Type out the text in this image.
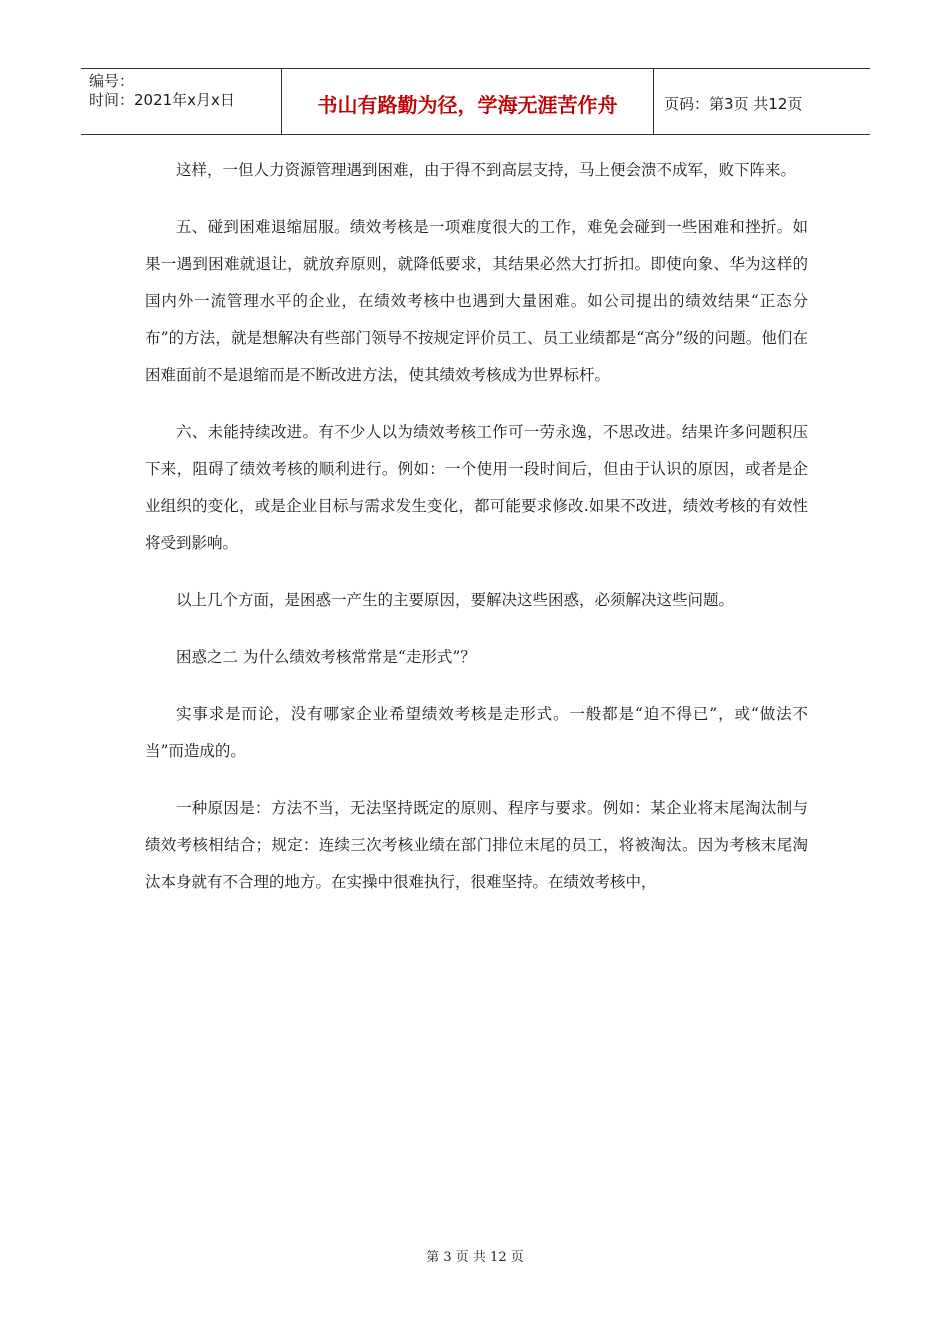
编号：
时间：2021年x月x日	书山有路勤为径，学海无涯苦作舟	页码：第3页 共12页

这样，一但人力资源管理遇到困难，由于得不到高层支持，马上便会溃不成军，败下阵来。

五、碰到困难退缩屈服。绩效考核是一项难度很大的工作，难免会碰到一些困难和挫折。如果一遇到困难就退让，就放弃原则，就降低要求，其结果必然大打折扣。即使向象、华为这样的国内外一流管理水平的企业，在绩效考核中也遇到大量困难。如公司提出的绩效结果“正态分布”的方法，就是想解决有些部门领导不按规定评价员工、员工业绩都是“高分”级的问题。他们在困难面前不是退缩而是不断改进方法，使其绩效考核成为世界标杆。

六、未能持续改进。有不少人以为绩效考核工作可一劳永逸，不思改进。结果许多问题积压下来，阻碍了绩效考核的顺利进行。例如：一个使用一段时间后，但由于认识的原因，或者是企业组织的变化，或是企业目标与需求发生变化，都可能要求修改.如果不改进，绩效考核的有效性将受到影响。

以上几个方面，是困惑一产生的主要原因，要解决这些困惑，必须解决这些问题。

困惑之二 为什么绩效考核常常是“走形式”？

实事求是而论，没有哪家企业希望绩效考核是走形式。一般都是“迫不得已”，或“做法不当”而造成的。

一种原因是：方法不当，无法坚持既定的原则、程序与要求。例如：某企业将末尾淘汰制与绩效考核相结合；规定：连续三次考核业绩在部门排位末尾的员工，将被淘汰。因为考核末尾淘汰本身就有不合理的地方。在实操中很难执行，很难坚持。在绩效考核中，

第 3 页 共 12 页
